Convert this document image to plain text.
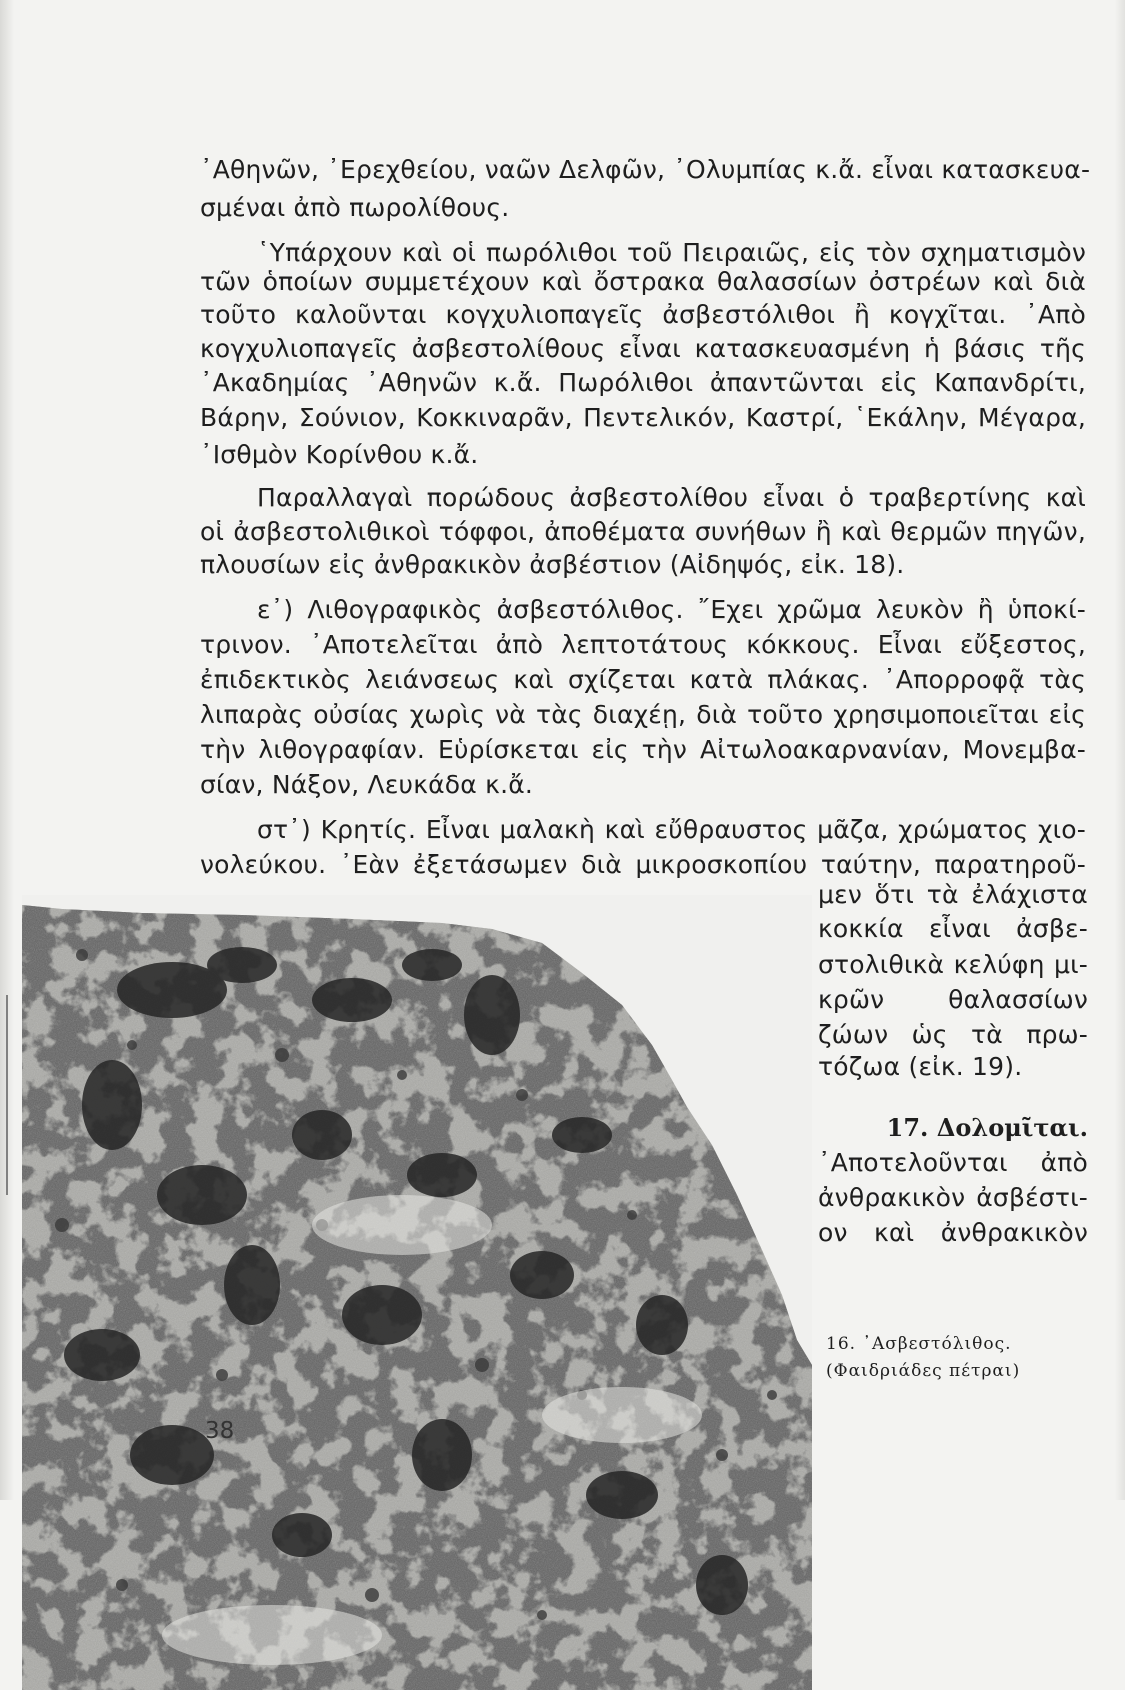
᾿Αθηνῶν, ᾿Ερεχθείου, ναῶν Δελφῶν, ᾿Ολυμπίας κ.ἄ. εἶναι κατασκευα-
σμέναι ἀπὸ πωρολίθους.
῾Υπάρχουν καὶ οἱ πωρόλιθοι τοῦ Πειραιῶς, εἰς τὸν σχηματισμὸν
τῶν ὁποίων συμμετέχουν καὶ ὄστρακα θαλασσίων ὀστρέων καὶ διὰ
τοῦτο καλοῦνται κογχυλιοπαγεῖς ἀσβεστόλιθοι ἢ κογχῖται. ᾿Απὸ
κογχυλιοπαγεῖς ἀσβεστολίθους εἶναι κατασκευασμένη ἡ βάσις τῆς
᾿Ακαδημίας ᾿Αθηνῶν κ.ἄ. Πωρόλιθοι ἀπαντῶνται εἰς Καπανδρίτι,
Βάρην, Σούνιον, Κοκκιναρᾶν, Πεντελικόν, Καστρί, ῾Εκάλην, Μέγαρα,
᾿Ισθμὸν Κορίνθου κ.ἄ.
Παραλλαγαὶ πορώδους ἀσβεστολίθου εἶναι ὁ τραβερτίνης καὶ
οἱ ἀσβεστολιθικοὶ τόφφοι, ἀποθέματα συνήθων ἢ καὶ θερμῶν πηγῶν,
πλουσίων εἰς ἀνθρακικὸν ἀσβέστιον (Αἰδηψός, εἰκ. 18).
ε᾿) Λιθογραφικὸς ἀσβεστόλιθος. ῎Εχει χρῶμα λευκὸν ἢ ὑποκί-
τρινον. ᾿Αποτελεῖται ἀπὸ λεπτοτάτους κόκκους. Εἶναι εὔξεστος,
ἐπιδεκτικὸς λειάνσεως καὶ σχίζεται κατὰ πλάκας. ᾿Απορροφᾷ τὰς
λιπαρὰς οὐσίας χωρὶς νὰ τὰς διαχέῃ, διὰ τοῦτο χρησιμοποιεῖται εἰς
τὴν λιθογραφίαν. Εὑρίσκεται εἰς τὴν Αἰτωλοακαρνανίαν, Μονεμβα-
σίαν, Νάξον, Λευκάδα κ.ἄ.
στ᾿) Κρητίς. Εἶναι μαλακὴ καὶ εὔθραυστος μᾶζα, χρώματος χιο-
νολεύκου. ᾿Εὰν ἐξετάσωμεν διὰ μικροσκοπίου ταύτην, παρατηροῦ-
μεν ὅτι τὰ ἐλάχιστα
κοκκία εἶναι ἀσβε-
στολιθικὰ κελύφη μι-
κρῶν θαλασσίων
ζώων ὡς τὰ πρω-
τόζωα (εἰκ. 19).
17. Δολομῖται.
᾿Αποτελοῦνται ἀπὸ
ἀνθρακικὸν ἀσβέστι-
ον καὶ ἀνθρακικὸν
16. ᾿Ασβεστόλιθος.
(Φαιδριάδες πέτραι)
38
